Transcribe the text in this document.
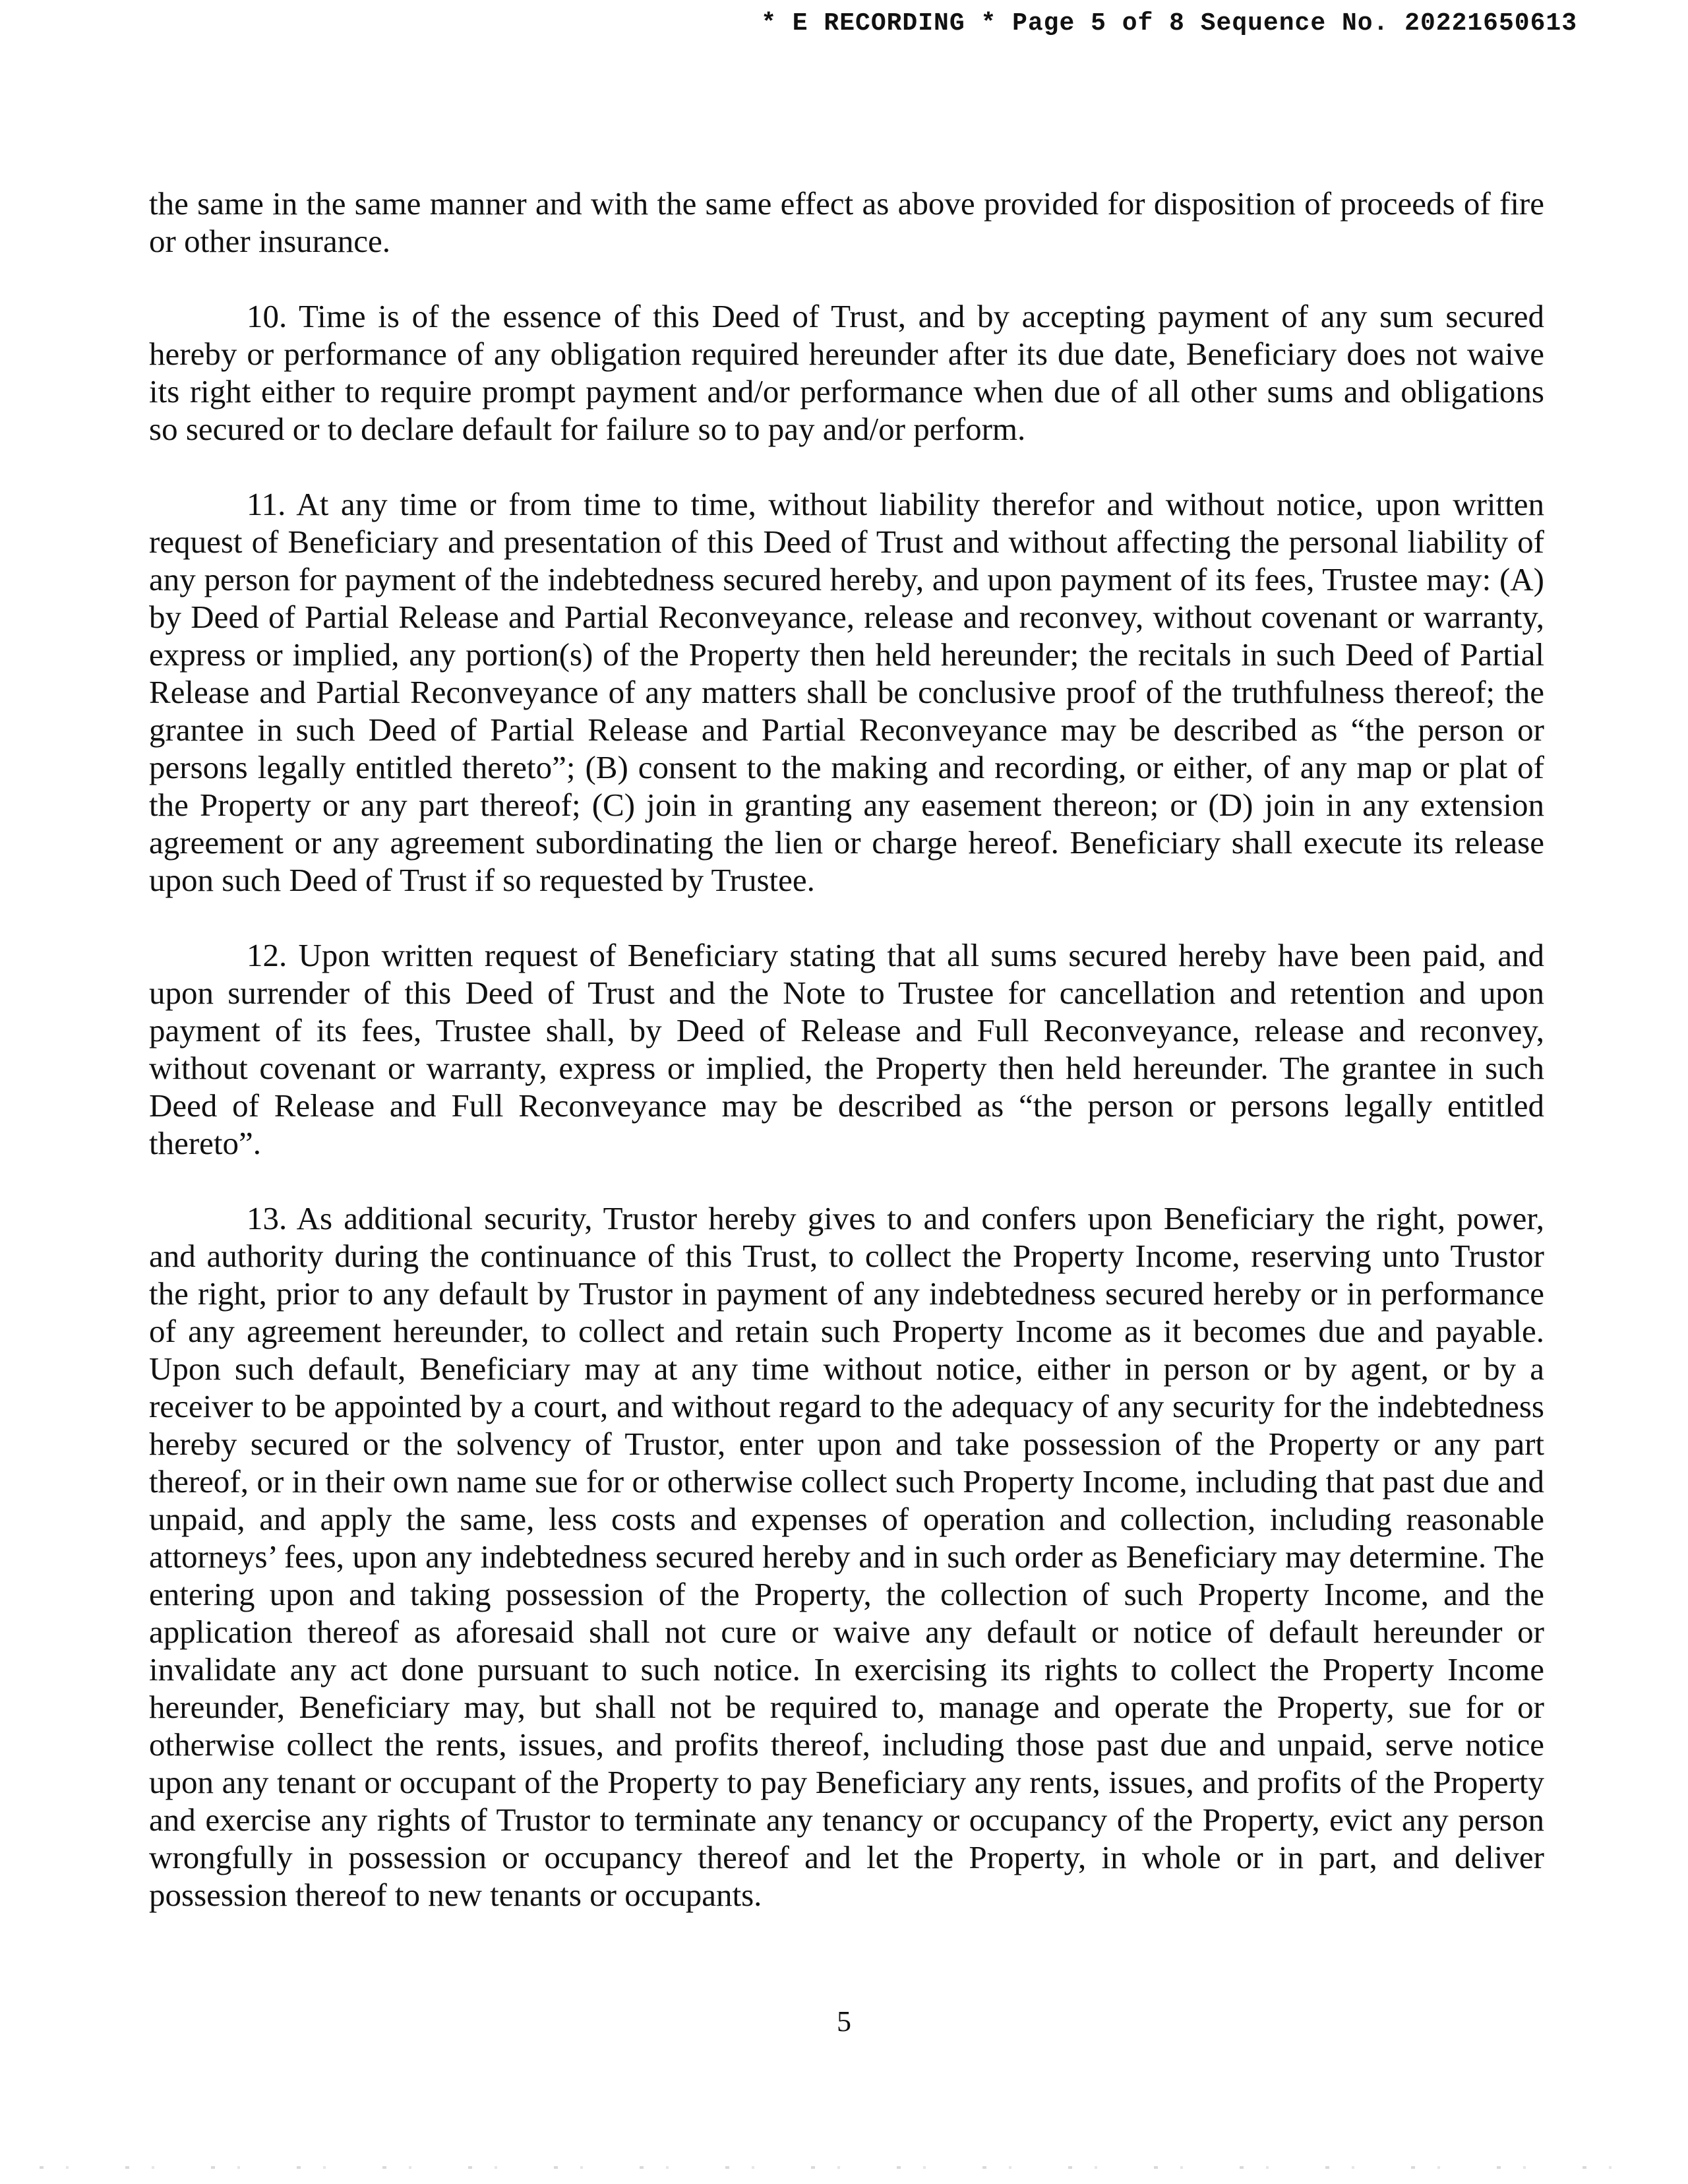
* E RECORDING * Page 5 of 8 Sequence No. 20221650613

the same in the same manner and with the same effect as above provided for disposition of proceeds of fire or other insurance.

10. Time is of the essence of this Deed of Trust, and by accepting payment of any sum secured hereby or performance of any obligation required hereunder after its due date, Beneficiary does not waive its right either to require prompt payment and/or performance when due of all other sums and obligations so secured or to declare default for failure so to pay and/or perform.

11. At any time or from time to time, without liability therefor and without notice, upon written request of Beneficiary and presentation of this Deed of Trust and without affecting the personal liability of any person for payment of the indebtedness secured hereby, and upon payment of its fees, Trustee may: (A) by Deed of Partial Release and Partial Reconveyance, release and reconvey, without covenant or warranty, express or implied, any portion(s) of the Property then held hereunder; the recitals in such Deed of Partial Release and Partial Reconveyance of any matters shall be conclusive proof of the truthfulness thereof; the grantee in such Deed of Partial Release and Partial Reconveyance may be described as “the person or persons legally entitled thereto”; (B) consent to the making and recording, or either, of any map or plat of the Property or any part thereof; (C) join in granting any easement thereon; or (D) join in any extension agreement or any agreement subordinating the lien or charge hereof. Beneficiary shall execute its release upon such Deed of Trust if so requested by Trustee.

12. Upon written request of Beneficiary stating that all sums secured hereby have been paid, and upon surrender of this Deed of Trust and the Note to Trustee for cancellation and retention and upon payment of its fees, Trustee shall, by Deed of Release and Full Reconveyance, release and reconvey, without covenant or warranty, express or implied, the Property then held hereunder. The grantee in such Deed of Release and Full Reconveyance may be described as “the person or persons legally entitled thereto”.

13. As additional security, Trustor hereby gives to and confers upon Beneficiary the right, power, and authority during the continuance of this Trust, to collect the Property Income, reserving unto Trustor the right, prior to any default by Trustor in payment of any indebtedness secured hereby or in performance of any agreement hereunder, to collect and retain such Property Income as it becomes due and payable. Upon such default, Beneficiary may at any time without notice, either in person or by agent, or by a receiver to be appointed by a court, and without regard to the adequacy of any security for the indebtedness hereby secured or the solvency of Trustor, enter upon and take possession of the Property or any part thereof, or in their own name sue for or otherwise collect such Property Income, including that past due and unpaid, and apply the same, less costs and expenses of operation and collection, including reasonable attorneys’ fees, upon any indebtedness secured hereby and in such order as Beneficiary may determine. The entering upon and taking possession of the Property, the collection of such Property Income, and the application thereof as aforesaid shall not cure or waive any default or notice of default hereunder or invalidate any act done pursuant to such notice. In exercising its rights to collect the Property Income hereunder, Beneficiary may, but shall not be required to, manage and operate the Property, sue for or otherwise collect the rents, issues, and profits thereof, including those past due and unpaid, serve notice upon any tenant or occupant of the Property to pay Beneficiary any rents, issues, and profits of the Property and exercise any rights of Trustor to terminate any tenancy or occupancy of the Property, evict any person wrongfully in possession or occupancy thereof and let the Property, in whole or in part, and deliver possession thereof to new tenants or occupants.

5
